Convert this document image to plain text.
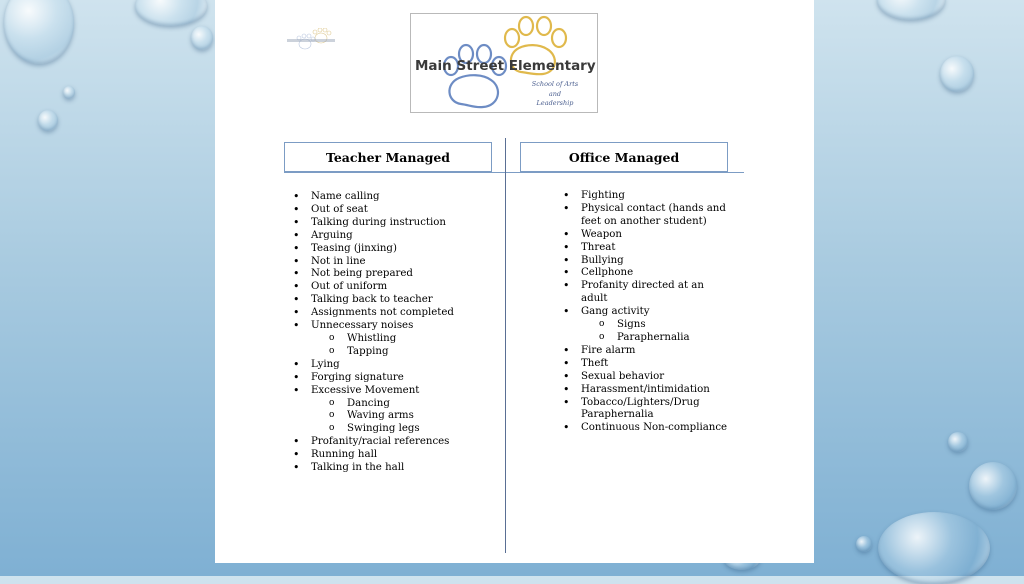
Main Street Elementary
School of Arts
and
Leadership
Teacher Managed	Office Managed
• Name calling
• Out of seat
• Talking during instruction
• Arguing
• Teasing (jinxing)
• Not in line
• Not being prepared
• Out of uniform
• Talking back to teacher
• Assignments not completed
• Unnecessary noises
o Whistling
o Tapping
• Lying
• Forging signature
• Excessive Movement
o Dancing
o Waving arms
o Swinging legs
• Profanity/racial references
• Running hall
• Talking in the hall
• Fighting
• Physical contact (hands and feet on another student)
• Weapon
• Threat
• Bullying
• Cellphone
• Profanity directed at an adult
• Gang activity
o Signs
o Paraphernalia
• Fire alarm
• Theft
• Sexual behavior
• Harassment/intimidation
• Tobacco/Lighters/Drug Paraphernalia
• Continuous Non-compliance
